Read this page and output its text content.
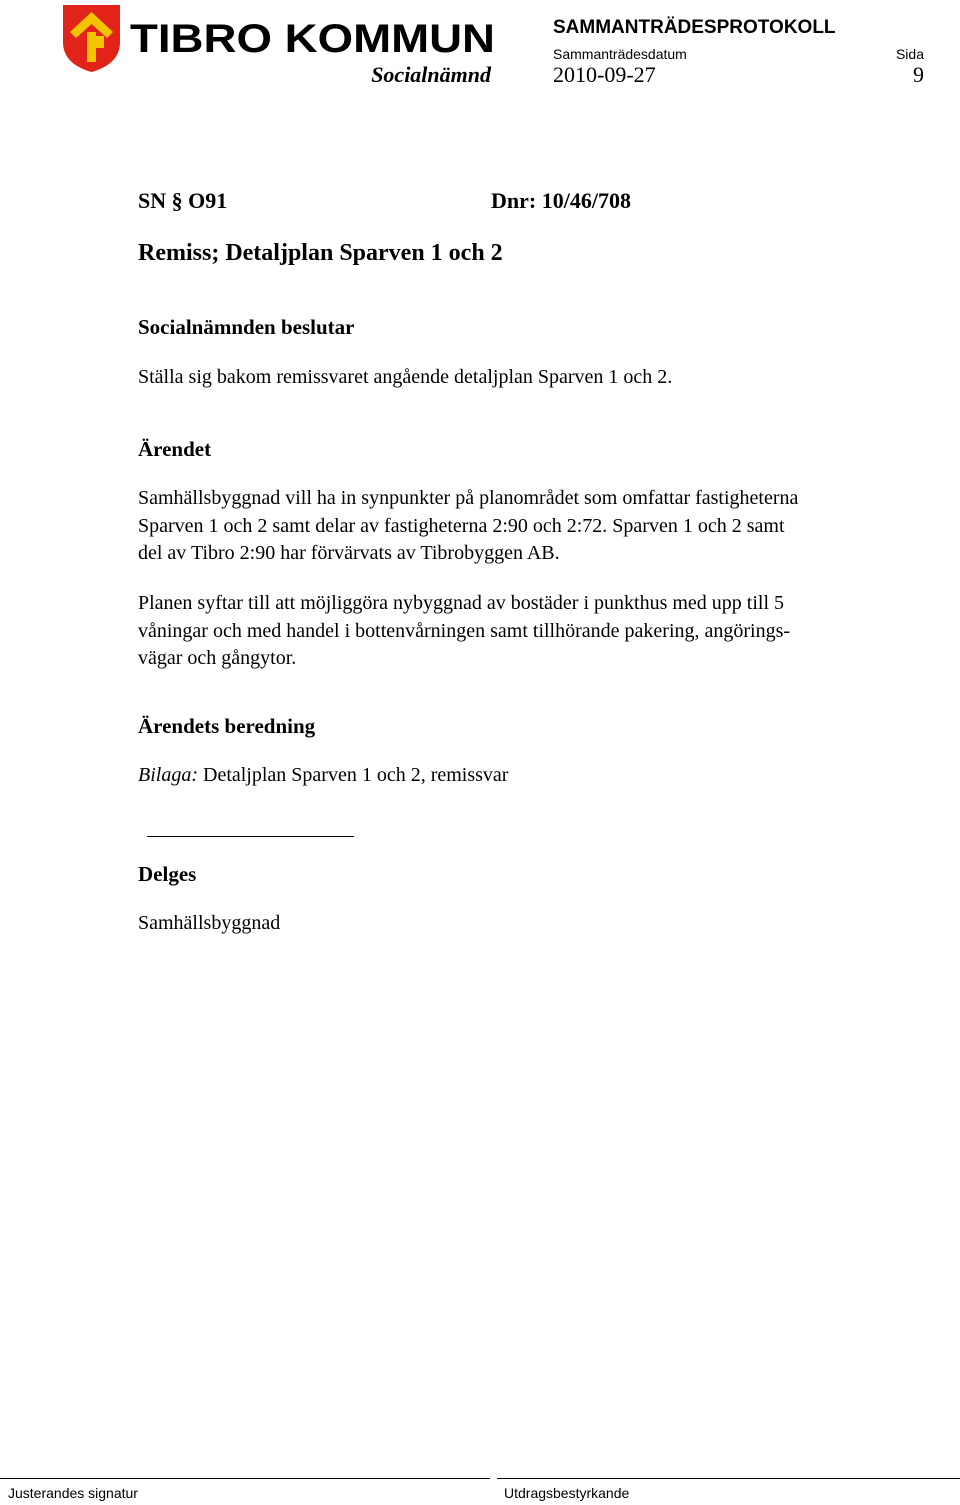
TIBRO KOMMUN	SAMMANTRÄDESPROTOKOLL
Sammanträdesdatum	Sida
Socialnämnd	2010-09-27	9
SN § O91	Dnr: 10/46/708
Remiss; Detaljplan Sparven 1 och 2
Socialnämnden beslutar
Ställa sig bakom remissvaret angående detaljplan Sparven 1 och 2.
Ärendet
Samhällsbyggnad vill ha in synpunkter på planområdet som omfattar fastigheterna
Sparven 1 och 2 samt delar av fastigheterna 2:90 och 2:72. Sparven 1 och 2 samt
del av Tibro 2:90 har förvärvats av Tibrobyggen AB.
Planen syftar till att möjliggöra nybyggnad av bostäder i punkthus med upp till 5
våningar och med handel i bottenvårningen samt tillhörande pakering, angörings-
vägar och gångytor.
Ärendets beredning
Bilaga: Detaljplan Sparven 1 och 2, remissvar
Delges
Samhällsbyggnad
Justerandes signatur	Utdragsbestyrkande
